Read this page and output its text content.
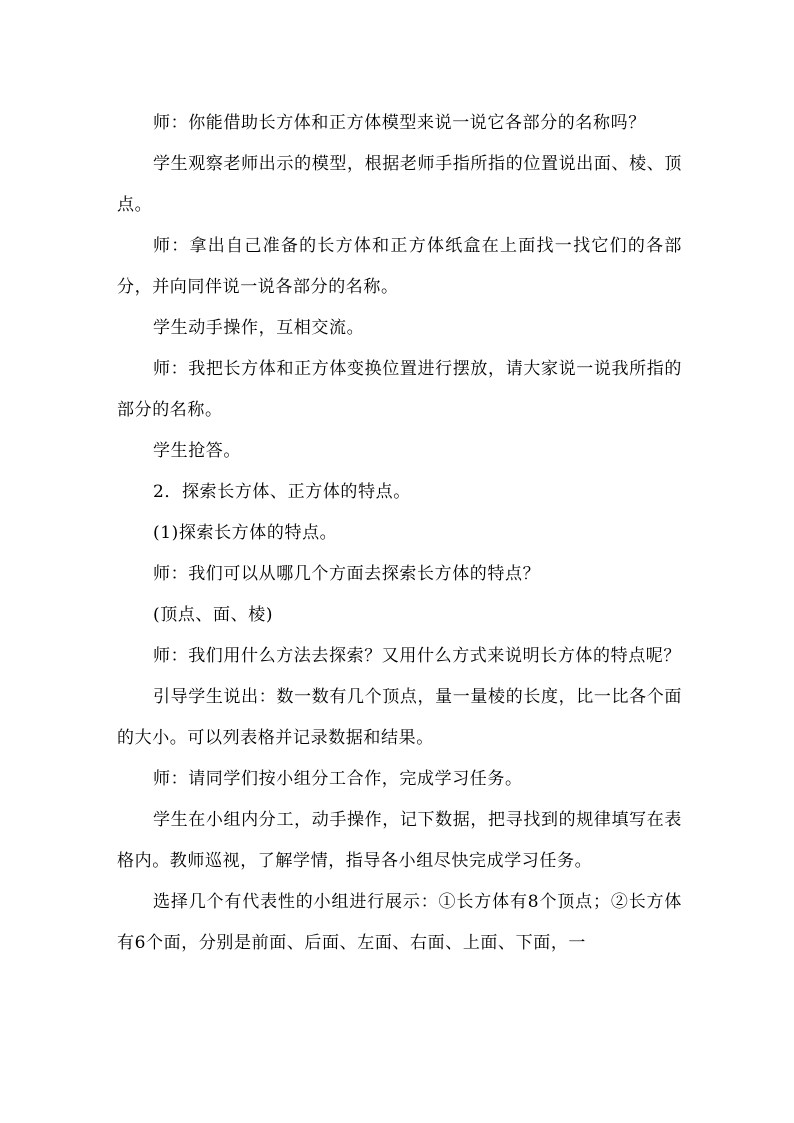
师：你能借助长方体和正方体模型来说一说它各部分的名称吗？

学生观察老师出示的模型，根据老师手指所指的位置说出面、棱、顶点。

师：拿出自己准备的长方体和正方体纸盒在上面找一找它们的各部分，并向同伴说一说各部分的名称。

学生动手操作，互相交流。

师：我把长方体和正方体变换位置进行摆放，请大家说一说我所指的部分的名称。

学生抢答。

2．探索长方体、正方体的特点。

(1)探索长方体的特点。

师：我们可以从哪几个方面去探索长方体的特点？

(顶点、面、棱)

师：我们用什么方法去探索？又用什么方式来说明长方体的特点呢？

引导学生说出：数一数有几个顶点，量一量棱的长度，比一比各个面的大小。可以列表格并记录数据和结果。

师：请同学们按小组分工合作，完成学习任务。

学生在小组内分工，动手操作，记下数据，把寻找到的规律填写在表格内。教师巡视，了解学情，指导各小组尽快完成学习任务。

选择几个有代表性的小组进行展示：①长方体有8个顶点；②长方体有6个面，分别是前面、后面、左面、右面、上面、下面，一
